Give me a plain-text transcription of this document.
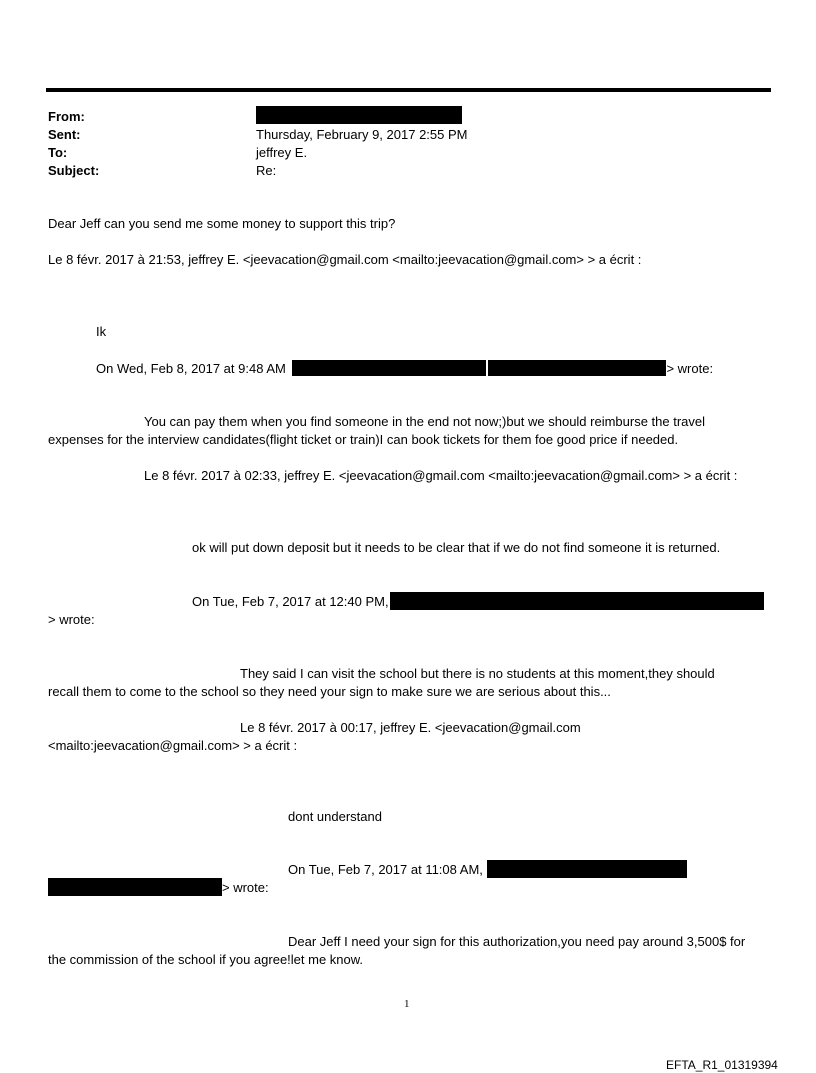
From:
Sent:	Thursday, February 9, 2017 2:55 PM
To:	jeffrey E.
Subject:	Re:
Dear Jeff can you send me some money to support this trip?
Le 8 févr. 2017 à 21:53, jeffrey E. <jeevacation@gmail.com <mailto:jeevacation@gmail.com> > a écrit :
Ik
On Wed, Feb 8, 2017 at 9:48 AM	> wrote:
You can pay them when you find someone in the end not now;)but we should reimburse the travel
expenses for the interview candidates(flight ticket or train)I can book tickets for them foe good price if needed.
Le 8 févr. 2017 à 02:33, jeffrey E. <jeevacation@gmail.com <mailto:jeevacation@gmail.com> > a écrit :
ok will put down deposit but it needs to be clear that if we do not find someone it is returned.
On Tue, Feb 7, 2017 at 12:40 PM,
> wrote:
They said I can visit the school but there is no students at this moment,they should
recall them to come to the school so they need your sign to make sure we are serious about this...
Le 8 févr. 2017 à 00:17, jeffrey E. <jeevacation@gmail.com
<mailto:jeevacation@gmail.com> > a écrit :
dont understand
On Tue, Feb 7, 2017 at 11:08 AM,
> wrote:
Dear Jeff I need your sign for this authorization,you need pay around 3,500$ for
the commission of the school if you agree!let me know.
1
EFTA_R1_01319394
